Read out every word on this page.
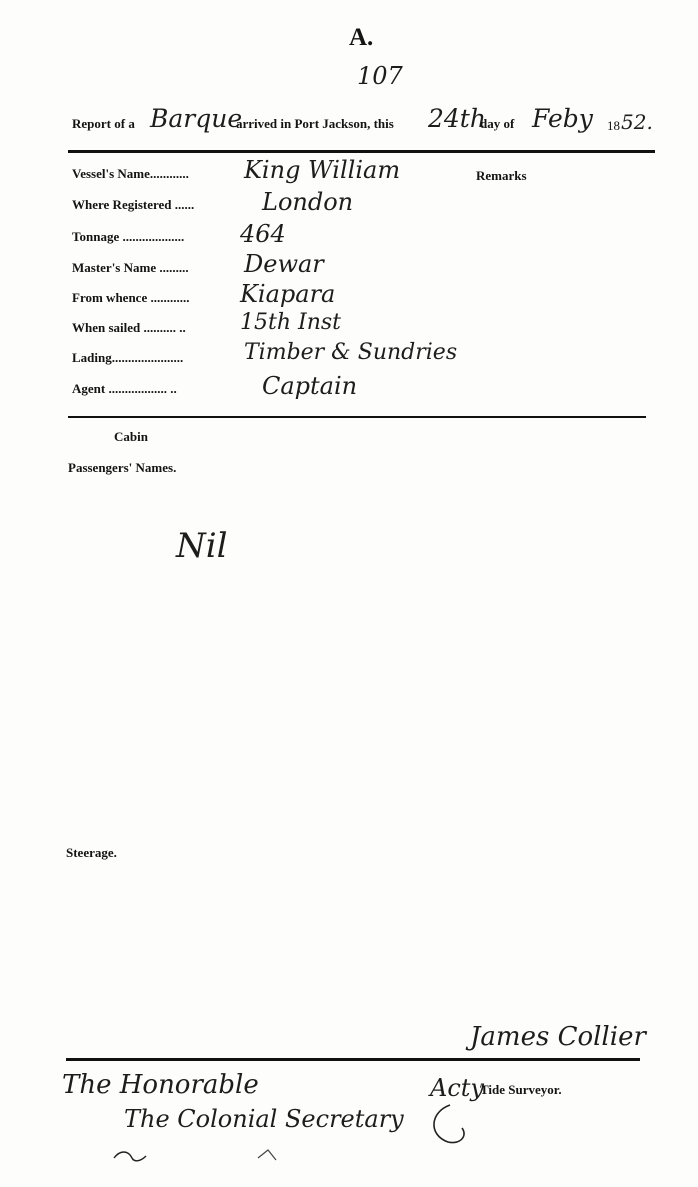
A.
107
Report of a Barque
arrived in Port Jackson, this 24th
day of Feby 18 52.
Vessel's Name............ King William
Where Registered ......	London
Tonnage ................... 464
Master's Name ......... Dewar
From whence ............ Kiapara
When sailed .......... .. 15th Inst
Lading......................	Timber & Sundries
Agent .................. ..	Captain
Remarks
Cabin
Passengers' Names.
Nil
Steerage.
James Collier
The Honorable
The Colonial Secretary
Acty
Tide Surveyor.
